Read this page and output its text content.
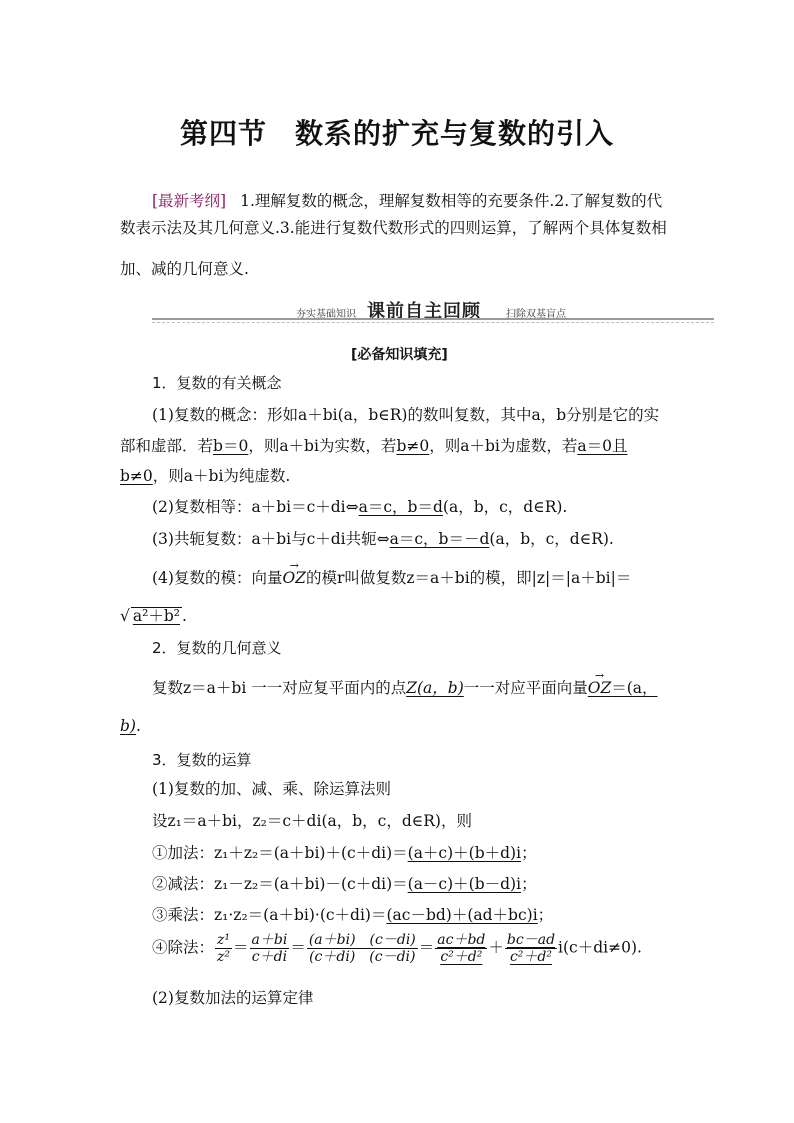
第四节 数系的扩充与复数的引入
[最新考纲] 1.理解复数的概念，理解复数相等的充要条件.2.了解复数的代
数表示法及其几何意义.3.能进行复数代数形式的四则运算，了解两个具体复数相
加、减的几何意义.
夯实基础知识 课前自主回顾	扫除双基盲点
[必备知识填充]
1．复数的有关概念
(1)复数的概念：形如a＋bi(a，b∈R)的数叫复数，其中a，b分别是它的实
部和虚部．若b＝0，则a＋bi为实数，若b≠0，则a＋bi为虚数，若a＝0且
b≠0，则a＋bi为纯虚数.
(2)复数相等：a＋bi＝c＋di⇔a＝c，b＝d(a，b，c，d∈R).
(3)共轭复数：a＋bi与c＋di共轭⇔a＝c，b＝－d(a，b，c，d∈R).
(4)复数的模：向量→ OZ的模r叫做复数z＝a＋bi的模，即|z|＝|a＋bi|＝
√ a²＋b² .
2．复数的几何意义
复数z＝a＋bi 一一对应复平面内的点Z(a，b)一一对应平面向量→ OZ＝(a，
b).
3．复数的运算
(1)复数的加、减、乘、除运算法则
设z₁＝a＋bi，z₂＝c＋di(a，b，c，d∈R)，则
①加法：z₁＋z₂＝(a＋bi)＋(c＋di)＝(a＋c)＋(b＋d)i；
②减法：z₁－z₂＝(a＋bi)－(c＋di)＝(a－c)＋(b－d)i；
③乘法：z₁·z₂＝(a＋bi)·(c＋di)＝(ac－bd)＋(ad＋bc)i；
④除法： $\frac{\text{z¹}}{\text{z²}} = \frac{a+bi}{c+di} = \frac{(a+bi) (c-di)}{(c+di) (c-di)} = \frac{ac+bd}{\text{c²＋d²}} + \frac{bc-ad}{\text{c²＋d²}} i(c+di\ne 0)$.
(2)复数加法的运算定律
